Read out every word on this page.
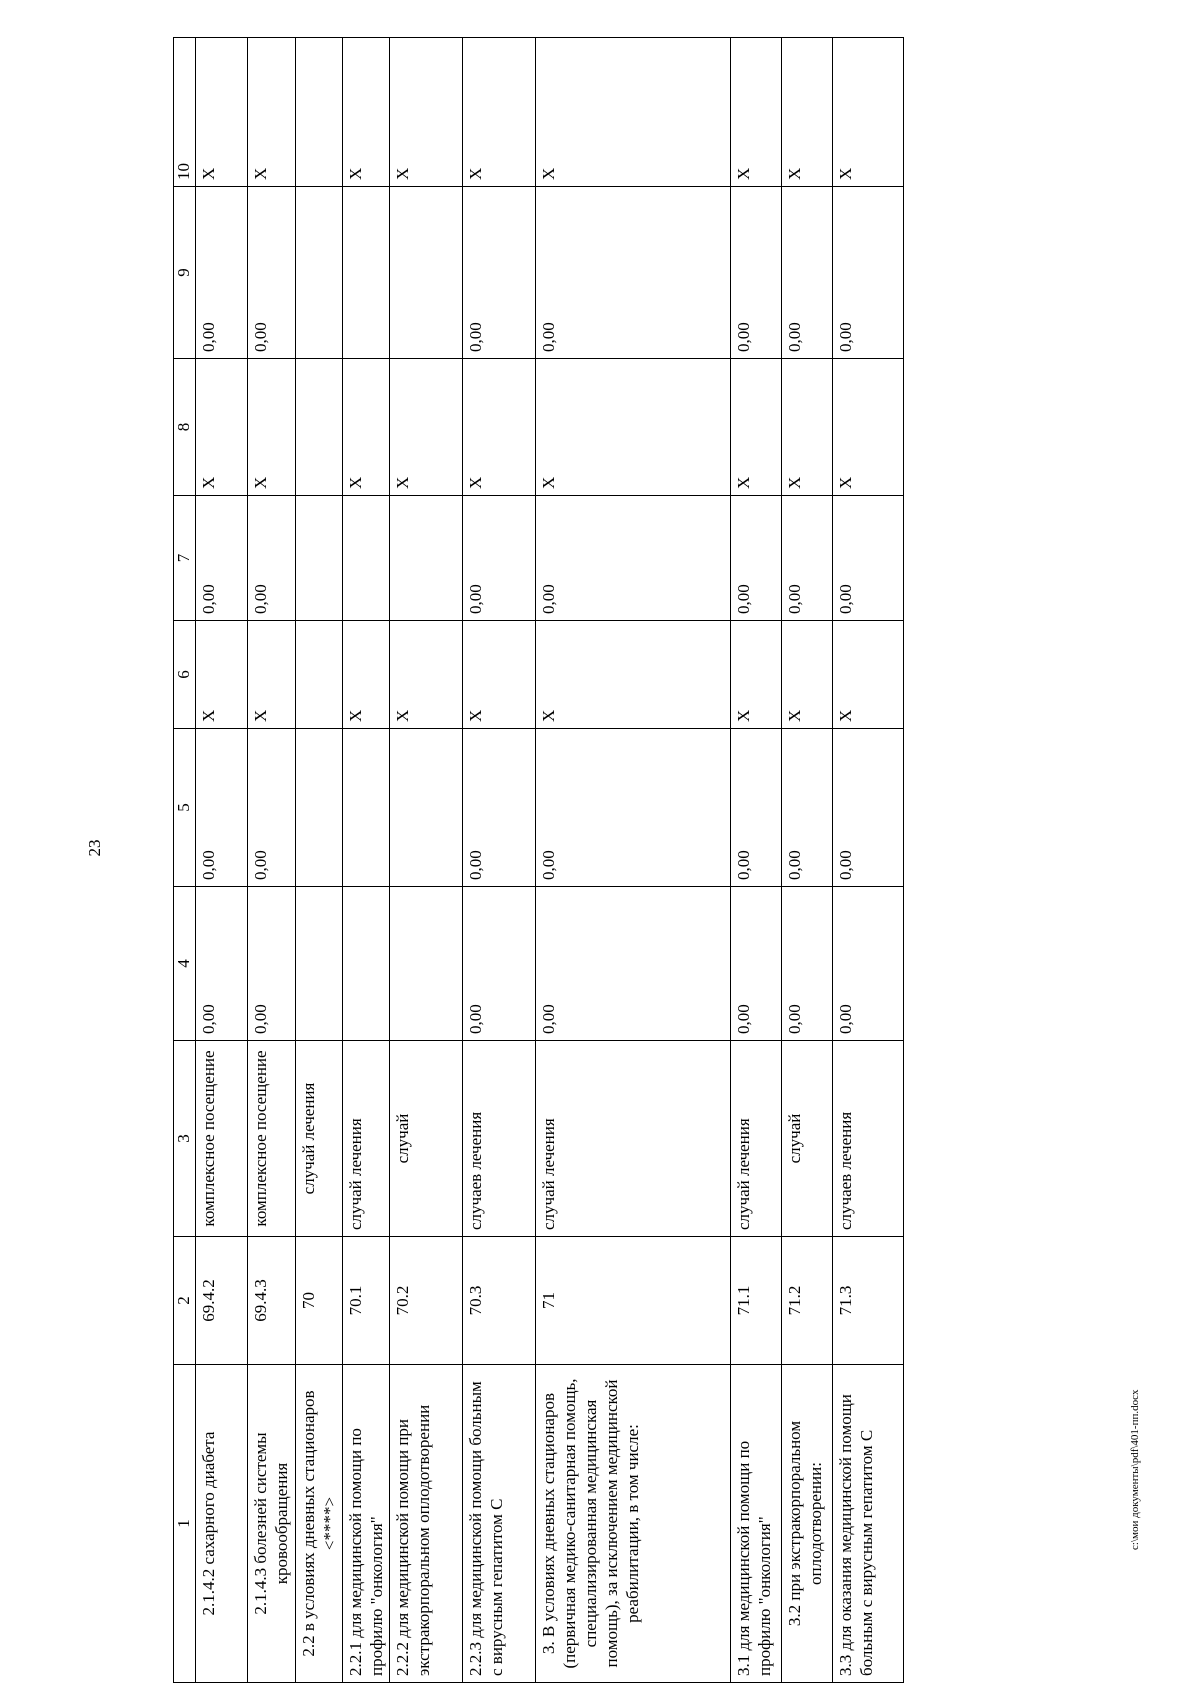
23
1	2	3	4	5	6	7	8	9	10
2.1.4.2 сахарного диабета	69.4.2	комплексное посещение	0,00	0,00	X	0,00	X	0,00	X
2.1.4.3 болезней системы кровообращения	69.4.3	комплексное посещение	0,00	0,00	X	0,00	X	0,00	X
2.2 в условиях дневных стационаров <****>	70	случай лечения							
2.2.1 для медицинской помощи по профилю "онкология"	70.1	случай лечения			X		X		X
2.2.2 для медицинской помощи при экстракорпоральном оплодотворении	70.2	случай			X		X		X
2.2.3 для медицинской помощи больным с вирусным гепатитом С	70.3	случаев лечения	0,00	0,00	X	0,00	X	0,00	X
3. В условиях дневных стационаров (первичная медико-санитарная помощь, специализированная медицинская помощь), за исключением медицинской реабилитации, в том числе:	71	случай лечения	0,00	0,00	X	0,00	X	0,00	X
3.1 для медицинской помощи по профилю "онкология"	71.1	случай лечения	0,00	0,00	X	0,00	X	0,00	X
3.2 при экстракорпоральном оплодотворении:	71.2	случай	0,00	0,00	X	0,00	X	0,00	X
3.3 для оказания медицинской помощи больным с вирусным гепатитом С	71.3	случаев лечения	0,00	0,00	X	0,00	X	0,00	X
c:\мои документы\pdf\401-пп.docx
